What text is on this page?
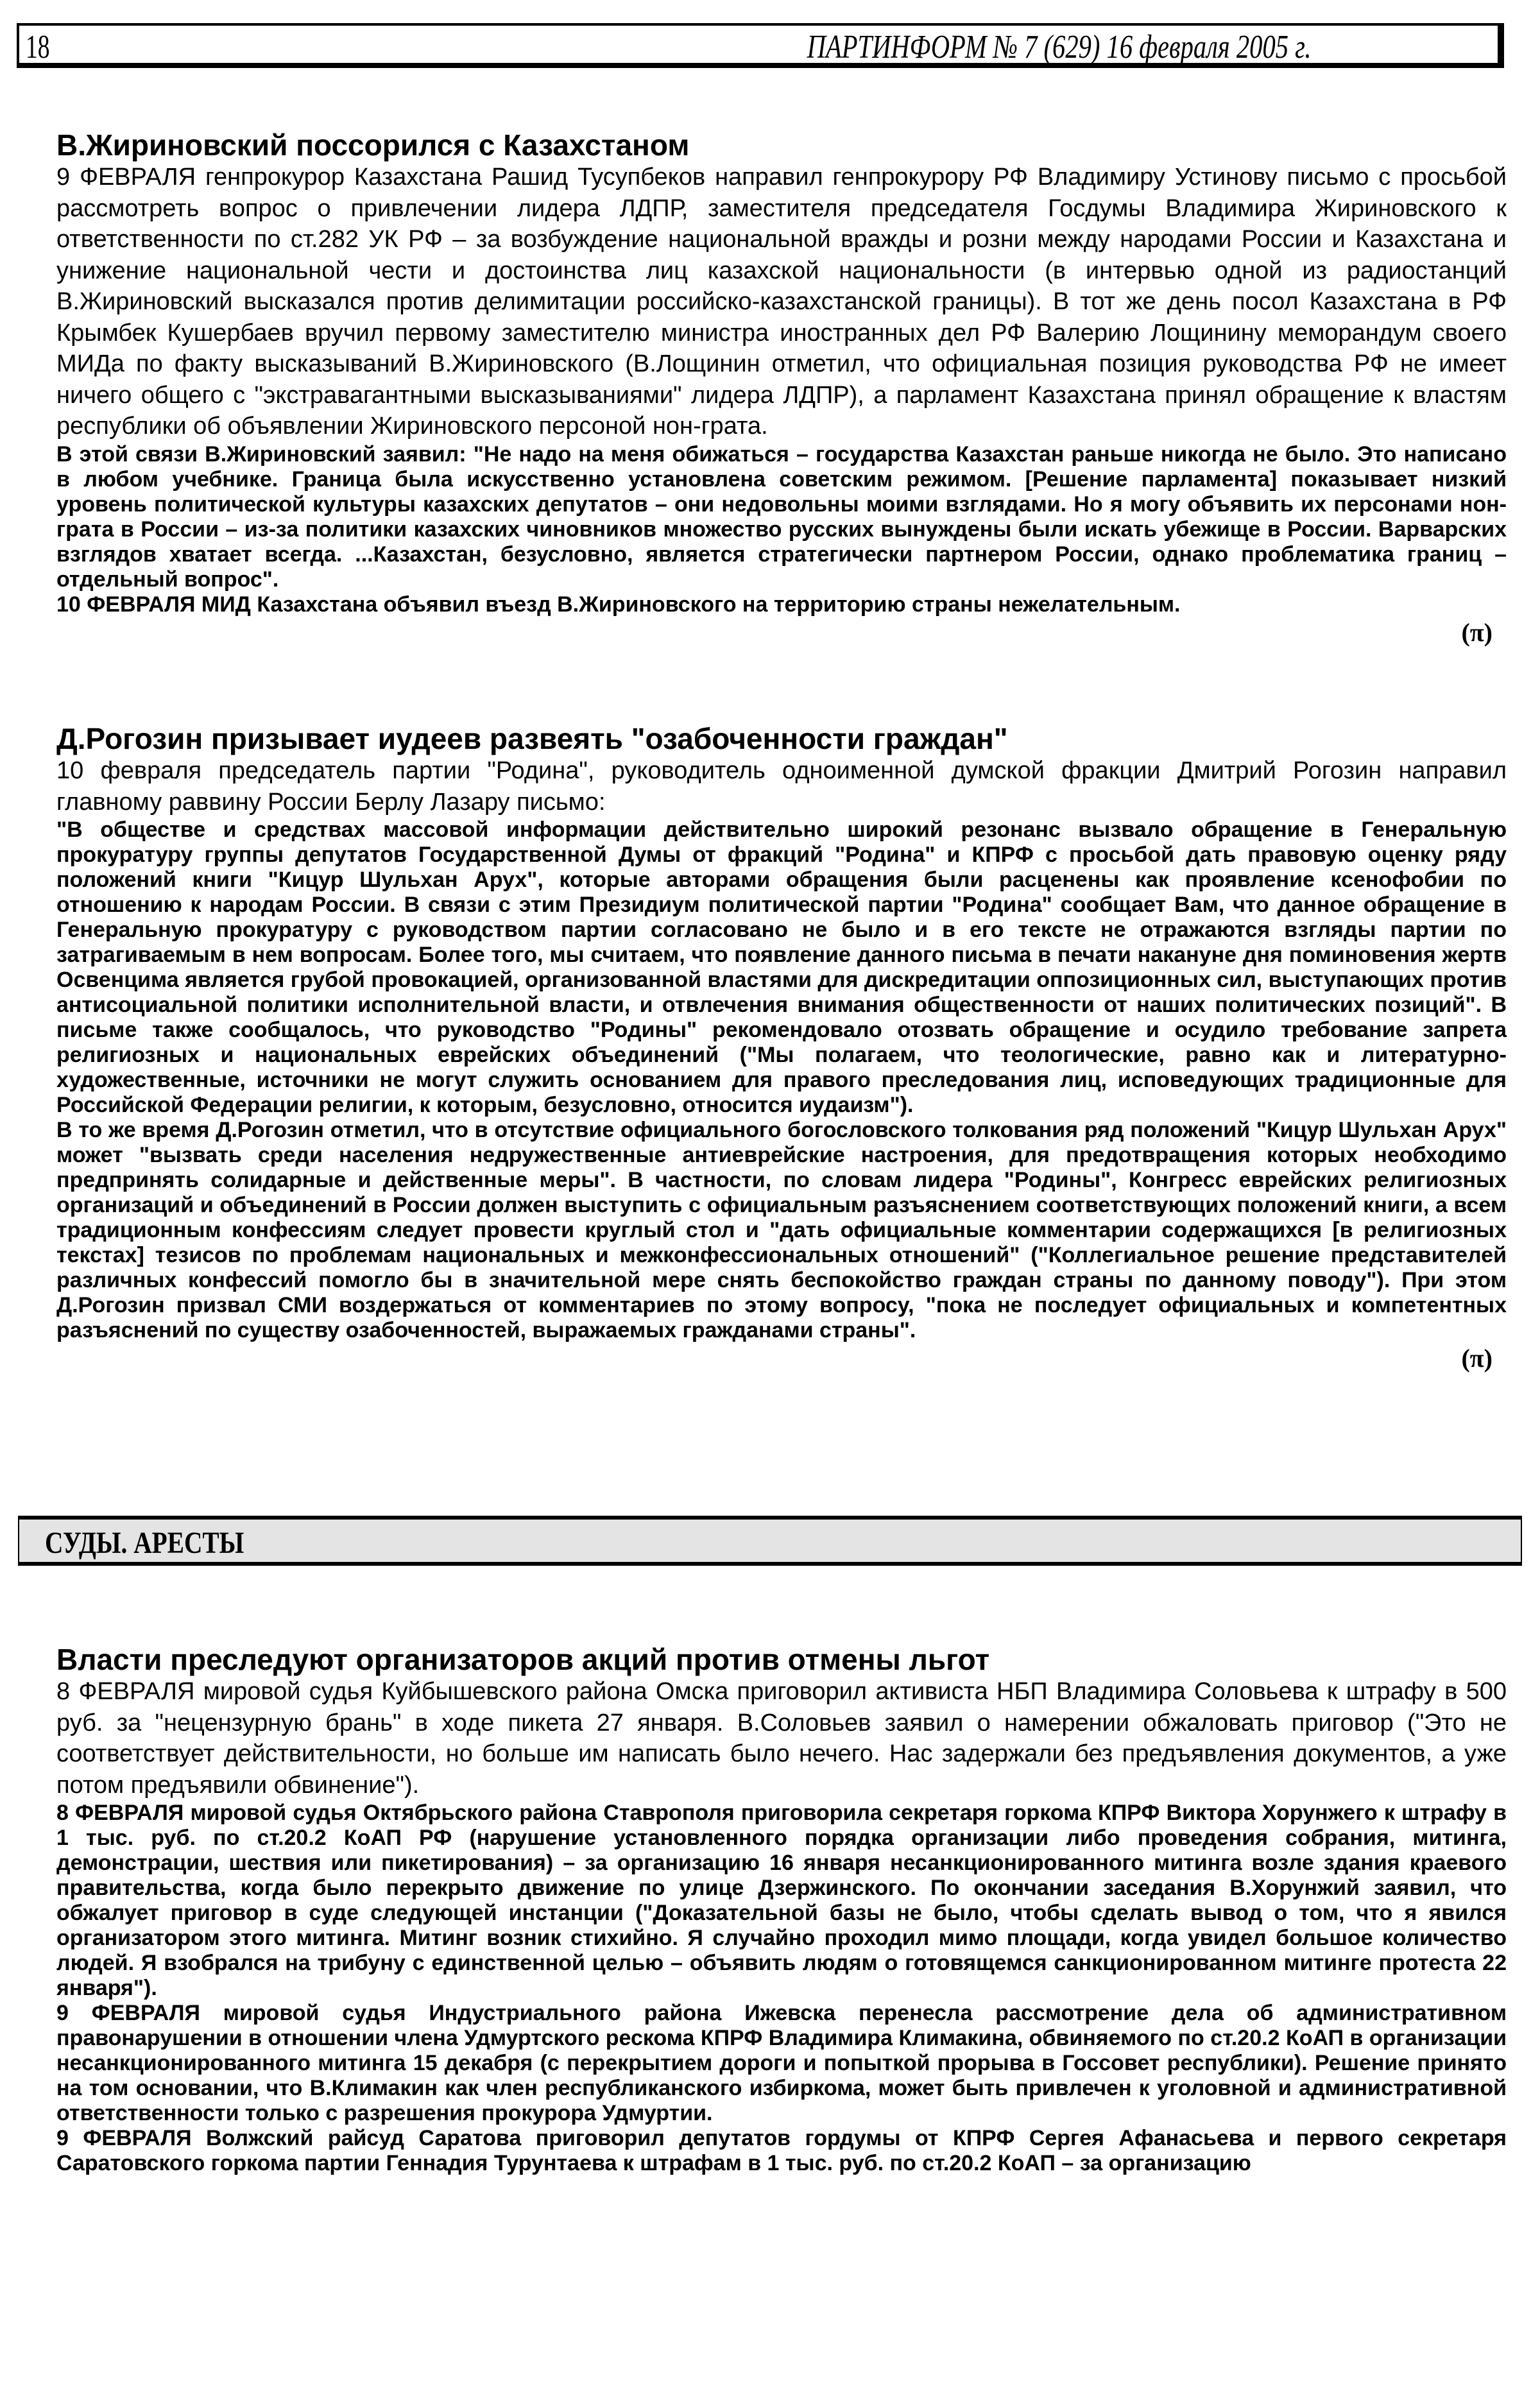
18	ПАРТИНФОРМ № 7 (629) 16 февраля 2005 г.
В.Жириновский поссорился с Казахстаном

9 ФЕВРАЛЯ генпрокурор Казахстана Рашид Тусупбеков направил генпрокурору РФ Владимиру Устинову письмо с просьбой рассмотреть вопрос о привлечении лидера ЛДПР, заместителя председателя Госдумы Владимира Жириновского к ответственности по ст.282 УК РФ – за возбуждение национальной вражды и розни между народами России и Казахстана и унижение национальной чести и достоинства лиц казахской национальности (в интервью одной из радиостанций В.Жириновский высказался против делимитации российско-казахстанской границы). В тот же день посол Казахстана в РФ Крымбек Кушербаев вручил первому заместителю министра иностранных дел РФ Валерию Лощинину меморандум своего МИДа по факту высказываний В.Жириновского (В.Лощинин отметил, что официальная позиция руководства РФ не имеет ничего общего с "экстравагантными высказываниями" лидера ЛДПР), а парламент Казахстана принял обращение к властям республики об объявлении Жириновского персоной нон-грата.

В этой связи В.Жириновский заявил: "Не надо на меня обижаться – государства Казахстан раньше никогда не было. Это написано в любом учебнике. Граница была искусственно установлена советским режимом. [Решение парламента] показывает низкий уровень политической культуры казахских депутатов – они недовольны моими взглядами. Но я могу объявить их персонами нон-грата в России – из-за политики казахских чиновников множество русских вынуждены были искать убежище в России. Варварских взглядов хватает всегда. ...Казахстан, безусловно, является стратегически партнером России, однако проблематика границ – отдельный вопрос".

10 ФЕВРАЛЯ МИД Казахстана объявил въезд В.Жириновского на территорию страны нежелательным.

(π)
Д.Рогозин призывает иудеев развеять "озабоченности граждан"

10 февраля председатель партии "Родина", руководитель одноименной думской фракции Дмитрий Рогозин направил главному раввину России Берлу Лазару письмо:

"В обществе и средствах массовой информации действительно широкий резонанс вызвало обращение в Генеральную прокуратуру группы депутатов Государственной Думы от фракций "Родина" и КПРФ с просьбой дать правовую оценку ряду положений книги "Кицур Шульхан Арух", которые авторами обращения были расценены как проявление ксенофобии по отношению к народам России. В связи с этим Президиум политической партии "Родина" сообщает Вам, что данное обращение в Генеральную прокуратуру с руководством партии согласовано не было и в его тексте не отражаются взгляды партии по затрагиваемым в нем вопросам. Более того, мы считаем, что появление данного письма в печати накануне дня поминовения жертв Освенцима является грубой провокацией, организованной властями для дискредитации оппозиционных сил, выступающих против антисоциальной политики исполнительной власти, и отвлечения внимания общественности от наших политических позиций". В письме также сообщалось, что руководство "Родины" рекомендовало отозвать обращение и осудило требование запрета религиозных и национальных еврейских объединений ("Мы полагаем, что теологические, равно как и литературно-художественные, источники не могут служить основанием для правого преследования лиц, исповедующих традиционные для Российской Федерации религии, к которым, безусловно, относится иудаизм").

В то же время Д.Рогозин отметил, что в отсутствие официального богословского толкования ряд положений "Кицур Шульхан Арух" может "вызвать среди населения недружественные антиеврейские настроения, для предотвращения которых необходимо предпринять солидарные и действенные меры". В частности, по словам лидера "Родины", Конгресс еврейских религиозных организаций и объединений в России должен выступить с официальным разъяснением соответствующих положений книги, а всем традиционным конфессиям следует провести круглый стол и "дать официальные комментарии содержащихся [в религиозных текстах] тезисов по проблемам национальных и межконфессиональных отношений" ("Коллегиальное решение представителей различных конфессий помогло бы в значительной мере снять беспокойство граждан страны по данному поводу"). При этом Д.Рогозин призвал СМИ воздержаться от комментариев по этому вопросу, "пока не последует официальных и компетентных разъяснений по существу озабоченностей, выражаемых гражданами страны".

(π)
СУДЫ. АРЕСТЫ
Власти преследуют организаторов акций против отмены льгот

8 ФЕВРАЛЯ мировой судья Куйбышевского района Омска приговорил активиста НБП Владимира Соловьева к штрафу в 500 руб. за "нецензурную брань" в ходе пикета 27 января. В.Соловьев заявил о намерении обжаловать приговор ("Это не соответствует действительности, но больше им написать было нечего. Нас задержали без предъявления документов, а уже потом предъявили обвинение").

8 ФЕВРАЛЯ мировой судья Октябрьского района Ставрополя приговорила секретаря горкома КПРФ Виктора Хорунжего к штрафу в 1 тыс. руб. по ст.20.2 КоАП РФ (нарушение установленного порядка организации либо проведения собрания, митинга, демонстрации, шествия или пикетирования) – за организацию 16 января несанкционированного митинга возле здания краевого правительства, когда было перекрыто движение по улице Дзержинского. По окончании заседания В.Хорунжий заявил, что обжалует приговор в суде следующей инстанции ("Доказательной базы не было, чтобы сделать вывод о том, что я явился организатором этого митинга. Митинг возник стихийно. Я случайно проходил мимо площади, когда увидел большое количество людей. Я взобрался на трибуну с единственной целью – объявить людям о готовящемся санкционированном митинге протеста 22 января").

9 ФЕВРАЛЯ мировой судья Индустриального района Ижевска перенесла рассмотрение дела об административном правонарушении в отношении члена Удмуртского рескома КПРФ Владимира Климакина, обвиняемого по ст.20.2 КоАП в организации несанкционированного митинга 15 декабря (с перекрытием дороги и попыткой прорыва в Госсовет республики). Решение принято на том основании, что В.Климакин как член республиканского избиркома, может быть привлечен к уголовной и административной ответственности только с разрешения прокурора Удмуртии.

9 ФЕВРАЛЯ Волжский райсуд Саратова приговорил депутатов гордумы от КПРФ Сергея Афанасьева и первого секретаря Саратовского горкома партии Геннадия Турунтаева к штрафам в 1 тыс. руб. по ст.20.2 КоАП – за организацию
